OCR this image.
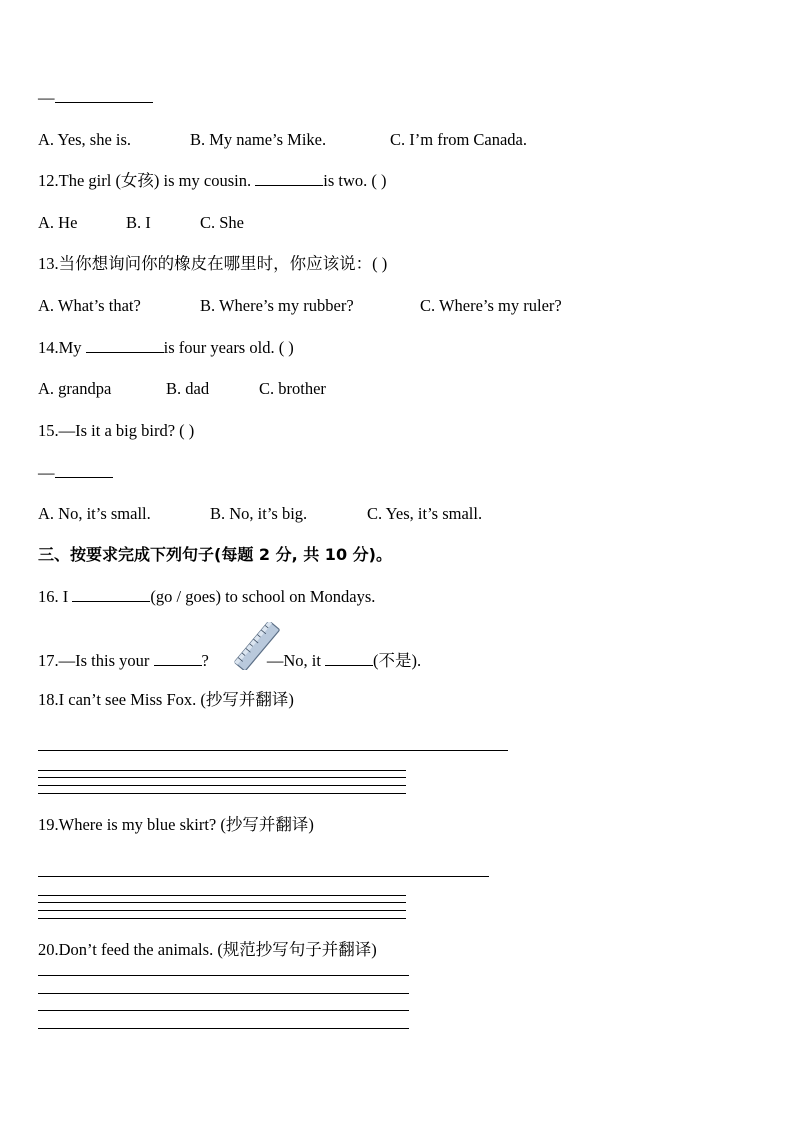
—
A. Yes, she is.	B. My name’s Mike.	C. I’m from Canada.
12.The girl (女孩) is my cousin.	is two. ( )
A. He	B. I	C. She
13.当你想询问你的橡皮在哪里时，你应该说：( )
A. What’s that?	B. Where’s my rubber?	C. Where’s my ruler?
14.My	is four years old. ( )
A. grandpa	B. dad	C. brother
15.—Is it a big bird? ( )
—
A. No, it’s small.	B. No, it’s big.	C. Yes, it’s small.
三、按要求完成下列句子(每题 2 分, 共 10 分)。
16. I	(go / goes) to school on Mondays.
17.—Is this your	?	—No, it	(不是).
18.I can’t see Miss Fox. (抄写并翻译)
19.Where is my blue skirt? (抄写并翻译)
20.Don’t feed the animals. (规范抄写句子并翻译)
